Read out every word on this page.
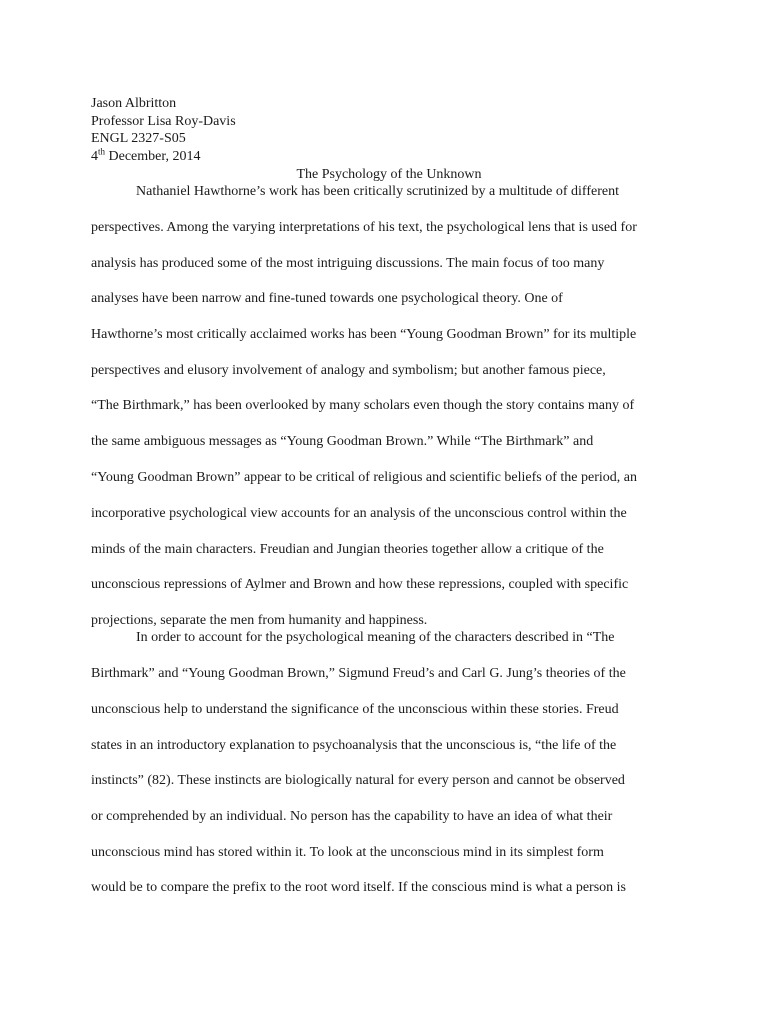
Jason Albritton
Professor Lisa Roy-Davis
ENGL 2327-S05
4th December, 2014
The Psychology of the Unknown
Nathaniel Hawthorne’s work has been critically scrutinized by a multitude of different
perspectives. Among the varying interpretations of his text, the psychological lens that is used for
analysis has produced some of the most intriguing discussions. The main focus of too many
analyses have been narrow and fine-tuned towards one psychological theory. One of
Hawthorne’s most critically acclaimed works has been “Young Goodman Brown” for its multiple
perspectives and elusory involvement of analogy and symbolism; but another famous piece,
“The Birthmark,” has been overlooked by many scholars even though the story contains many of
the same ambiguous messages as “Young Goodman Brown.” While “The Birthmark” and
“Young Goodman Brown” appear to be critical of religious and scientific beliefs of the period, an
incorporative psychological view accounts for an analysis of the unconscious control within the
minds of the main characters. Freudian and Jungian theories together allow a critique of the
unconscious repressions of Aylmer and Brown and how these repressions, coupled with specific
projections, separate the men from humanity and happiness.
In order to account for the psychological meaning of the characters described in “The
Birthmark” and “Young Goodman Brown,” Sigmund Freud’s and Carl G. Jung’s theories of the
unconscious help to understand the significance of the unconscious within these stories. Freud
states in an introductory explanation to psychoanalysis that the unconscious is, “the life of the
instincts” (82). These instincts are biologically natural for every person and cannot be observed
or comprehended by an individual. No person has the capability to have an idea of what their
unconscious mind has stored within it. To look at the unconscious mind in its simplest form
would be to compare the prefix to the root word itself. If the conscious mind is what a person is
